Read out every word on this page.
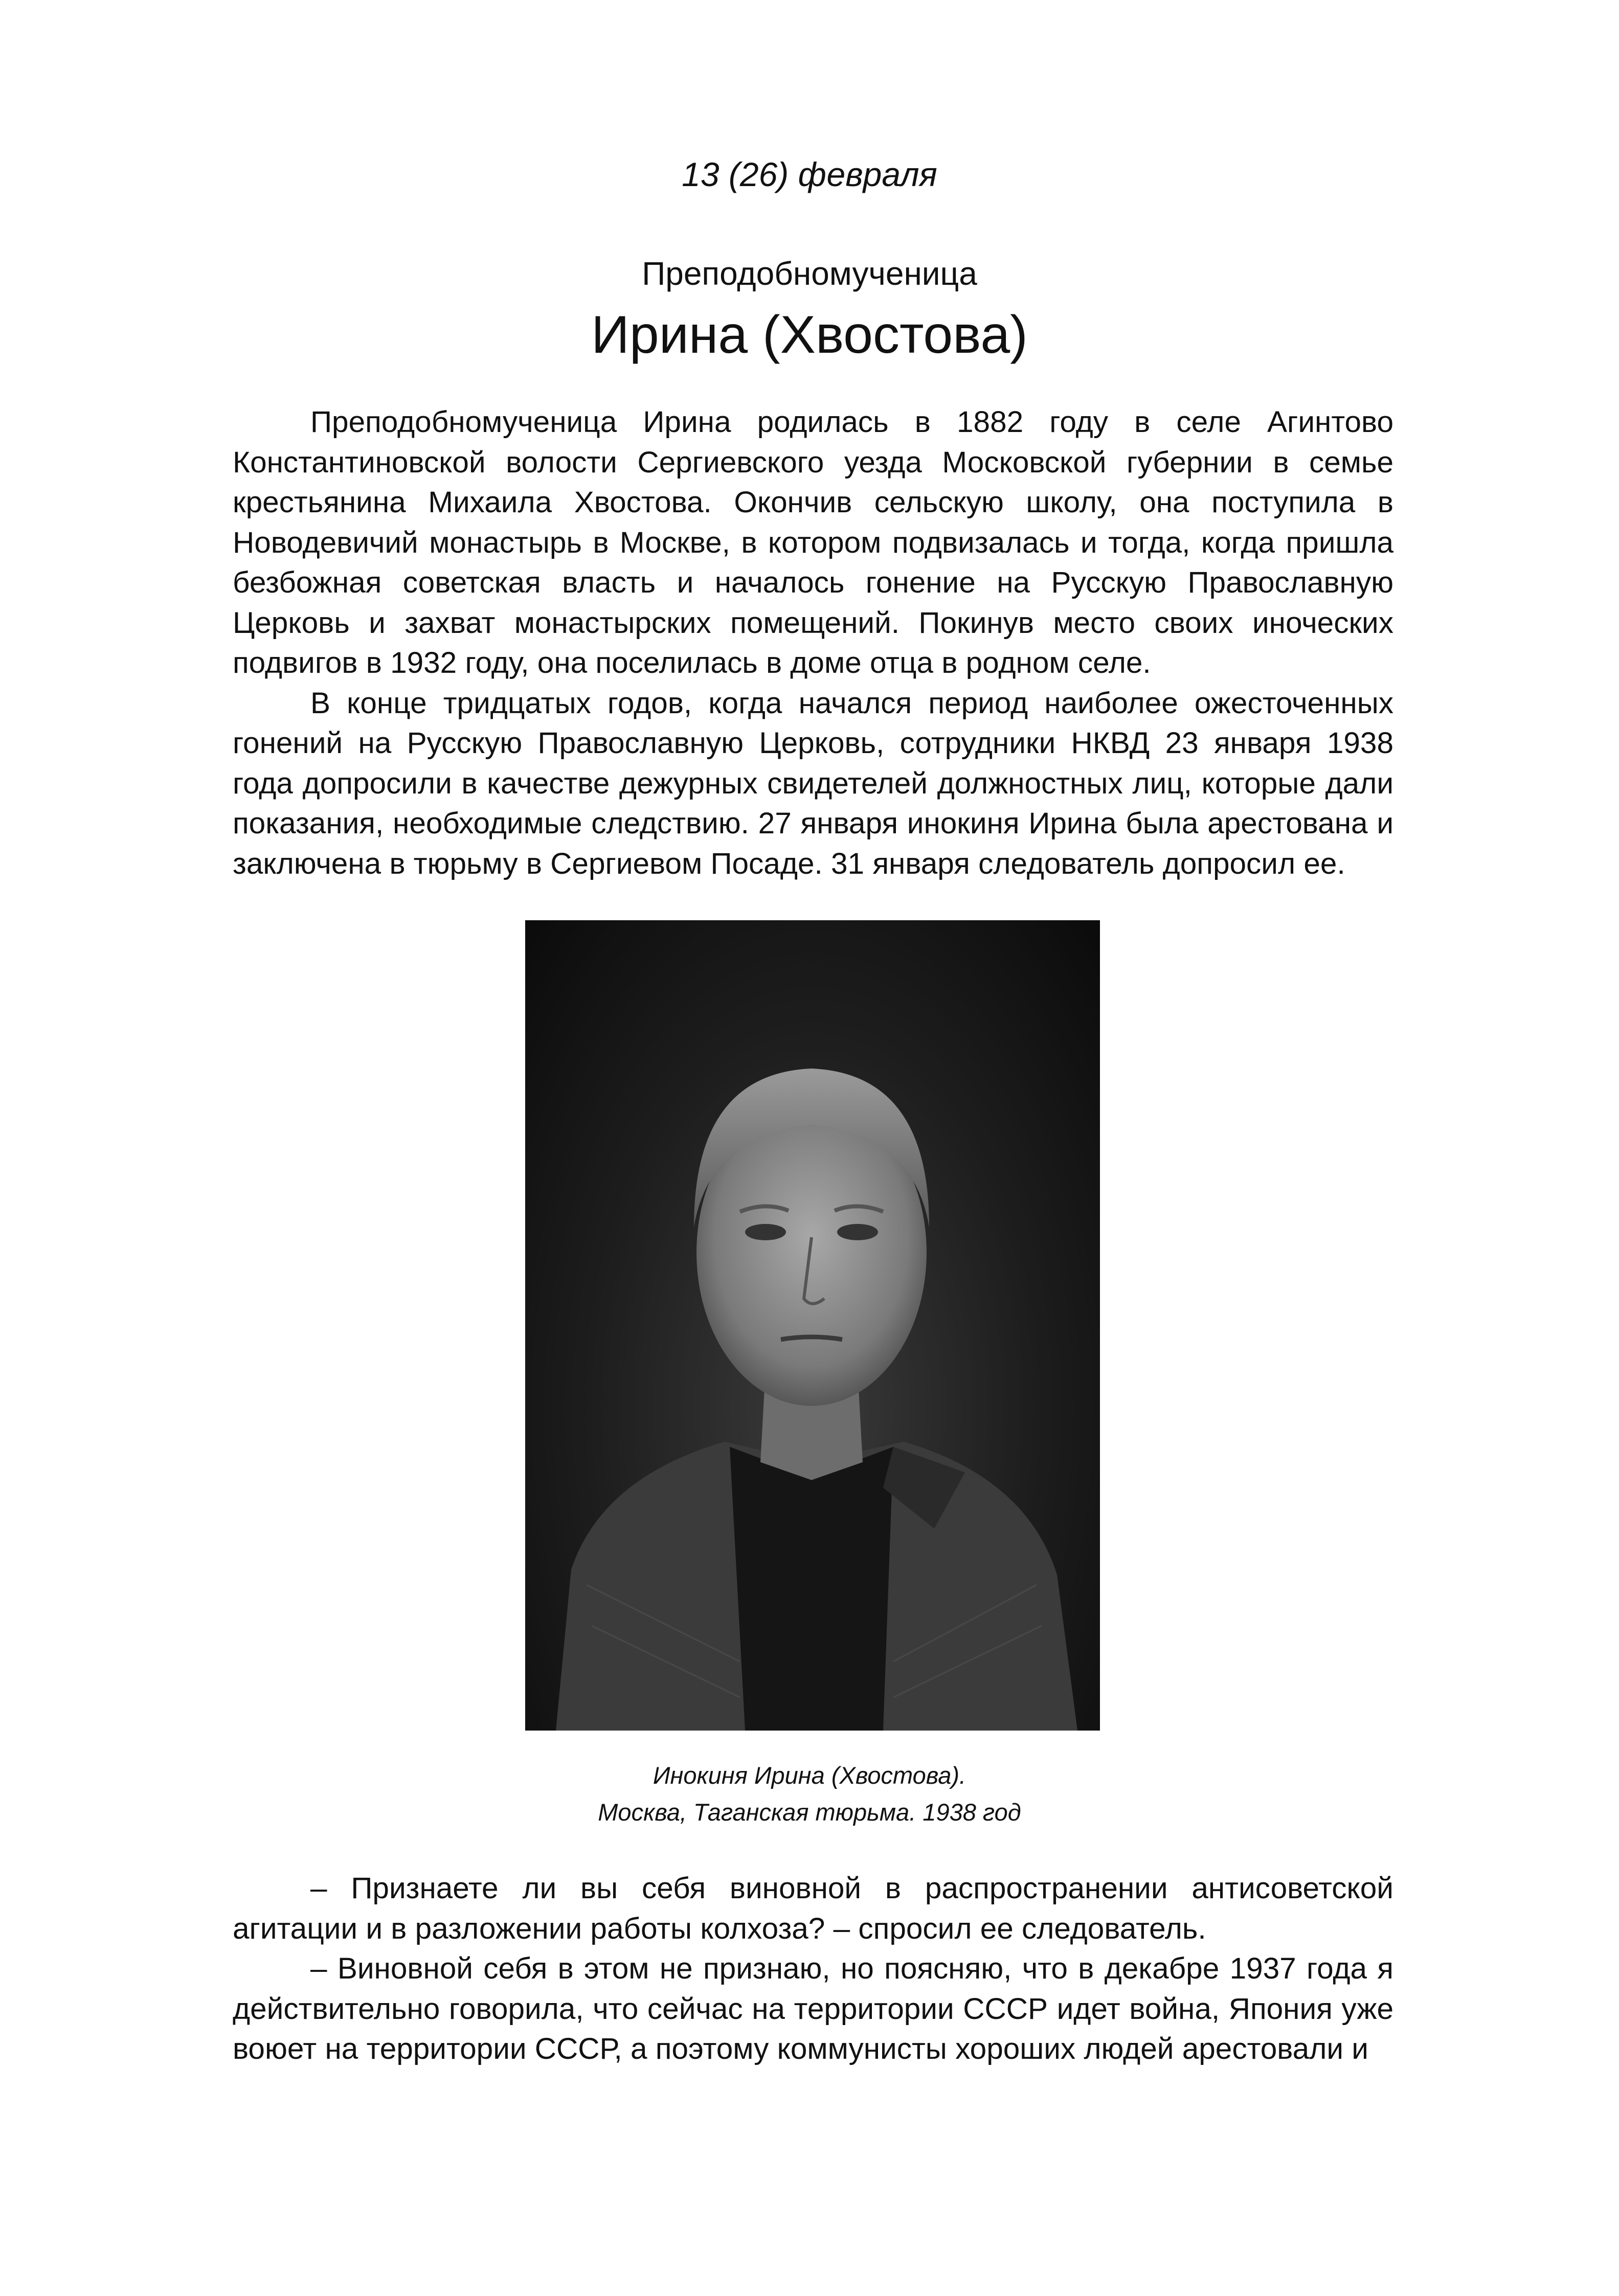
13 (26) февраля
Преподобномученица
Ирина (Хвостова)

Преподобномученица Ирина родилась в 1882 году в селе Агинтово Константиновской волости Сергиевского уезда Московской губернии в семье крестьянина Михаила Хвостова. Окончив сельскую школу, она поступила в Новодевичий монастырь в Москве, в котором подвизалась и тогда, когда пришла безбожная советская власть и началось гонение на Русскую Православную Церковь и захват монастырских помещений. Покинув место своих иноческих подвигов в 1932 году, она поселилась в доме отца в родном селе.

В конце тридцатых годов, когда начался период наиболее ожесточенных гонений на Русскую Православную Церковь, сотрудники НКВД 23 января 1938 года допросили в качестве дежурных свидетелей должностных лиц, которые дали показания, необходимые следствию. 27 января инокиня Ирина была арестована и заключена в тюрьму в Сергиевом Посаде. 31 января следователь допросил ее.

Инокиня Ирина (Хвостова).
Москва, Таганская тюрьма. 1938 год

– Признаете ли вы себя виновной в распространении антисоветской агитации и в разложении работы колхоза? – спросил ее следователь.

– Виновной себя в этом не признаю, но поясняю, что в декабре 1937 года я действительно говорила, что сейчас на территории СССР идет война, Япония уже воюет на территории СССР, а поэтому коммунисты хороших людей арестовали и
